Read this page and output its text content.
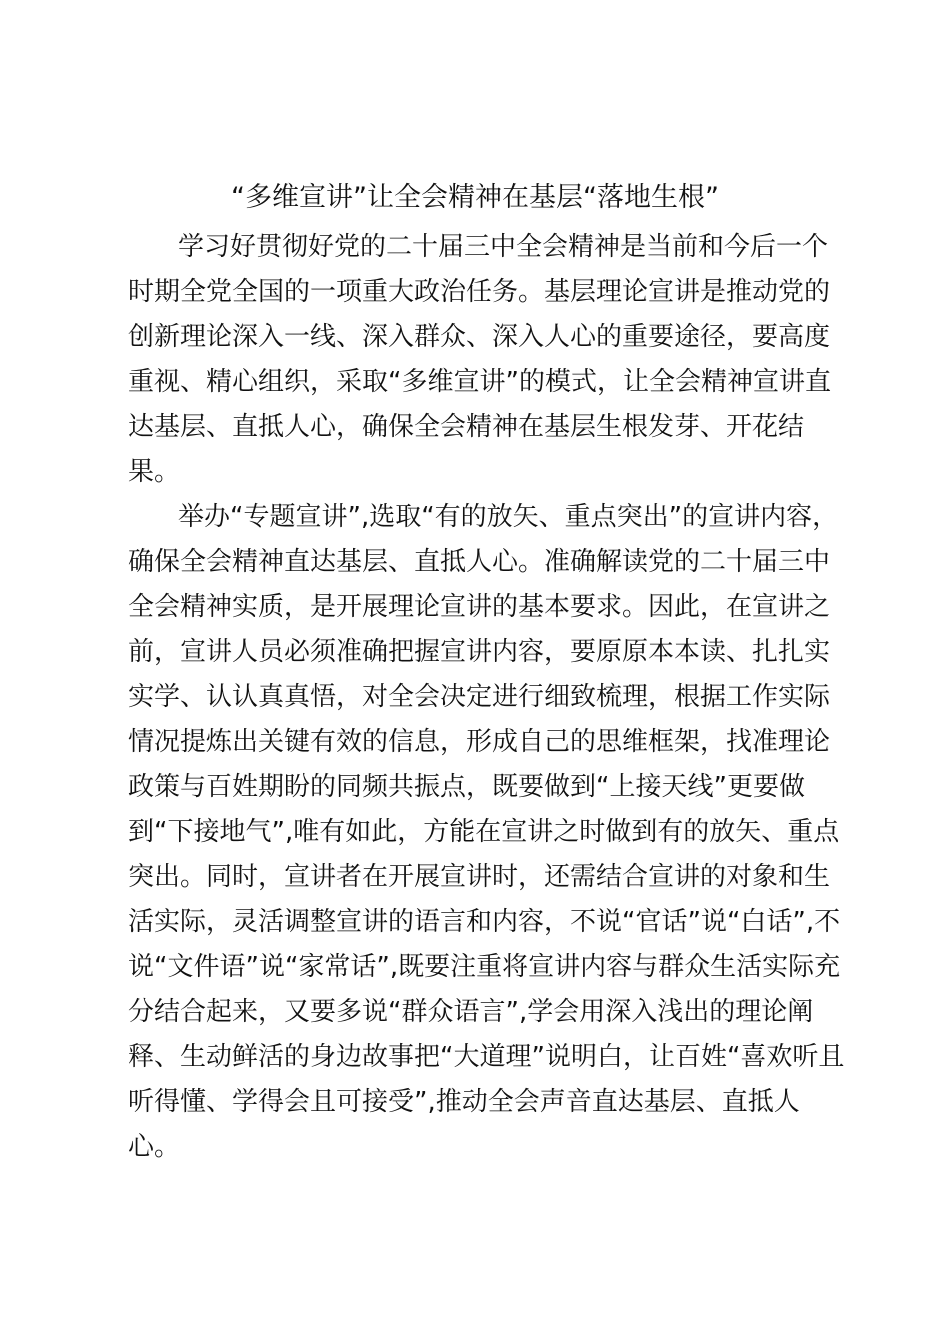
“多维宣讲”让全会精神在基层“落地生根”
学习好贯彻好党的二十届三中全会精神是当前和今后一个
时期全党全国的一项重大政治任务。基层理论宣讲是推动党的
创新理论深入一线、深入群众、深入人心的重要途径，要高度
重视、精心组织，采取“多维宣讲”的模式，让全会精神宣讲直
达基层、直抵人心，确保全会精神在基层生根发芽、开花结
果。
举办“专题宣讲”,选取“有的放矢、重点突出”的宣讲内容，
确保全会精神直达基层、直抵人心。准确解读党的二十届三中
全会精神实质，是开展理论宣讲的基本要求。因此，在宣讲之
前，宣讲人员必须准确把握宣讲内容，要原原本本读、扎扎实
实学、认认真真悟，对全会决定进行细致梳理，根据工作实际
情况提炼出关键有效的信息，形成自己的思维框架，找准理论
政策与百姓期盼的同频共振点，既要做到“上接天线”更要做
到“下接地气”,唯有如此，方能在宣讲之时做到有的放矢、重点
突出。同时，宣讲者在开展宣讲时，还需结合宣讲的对象和生
活实际，灵活调整宣讲的语言和内容，不说“官话”说“白话”,不
说“文件语”说“家常话”,既要注重将宣讲内容与群众生活实际充
分结合起来，又要多说“群众语言”,学会用深入浅出的理论阐
释、生动鲜活的身边故事把“大道理”说明白，让百姓“喜欢听且
听得懂、学得会且可接受”,推动全会声音直达基层、直抵人
心。
